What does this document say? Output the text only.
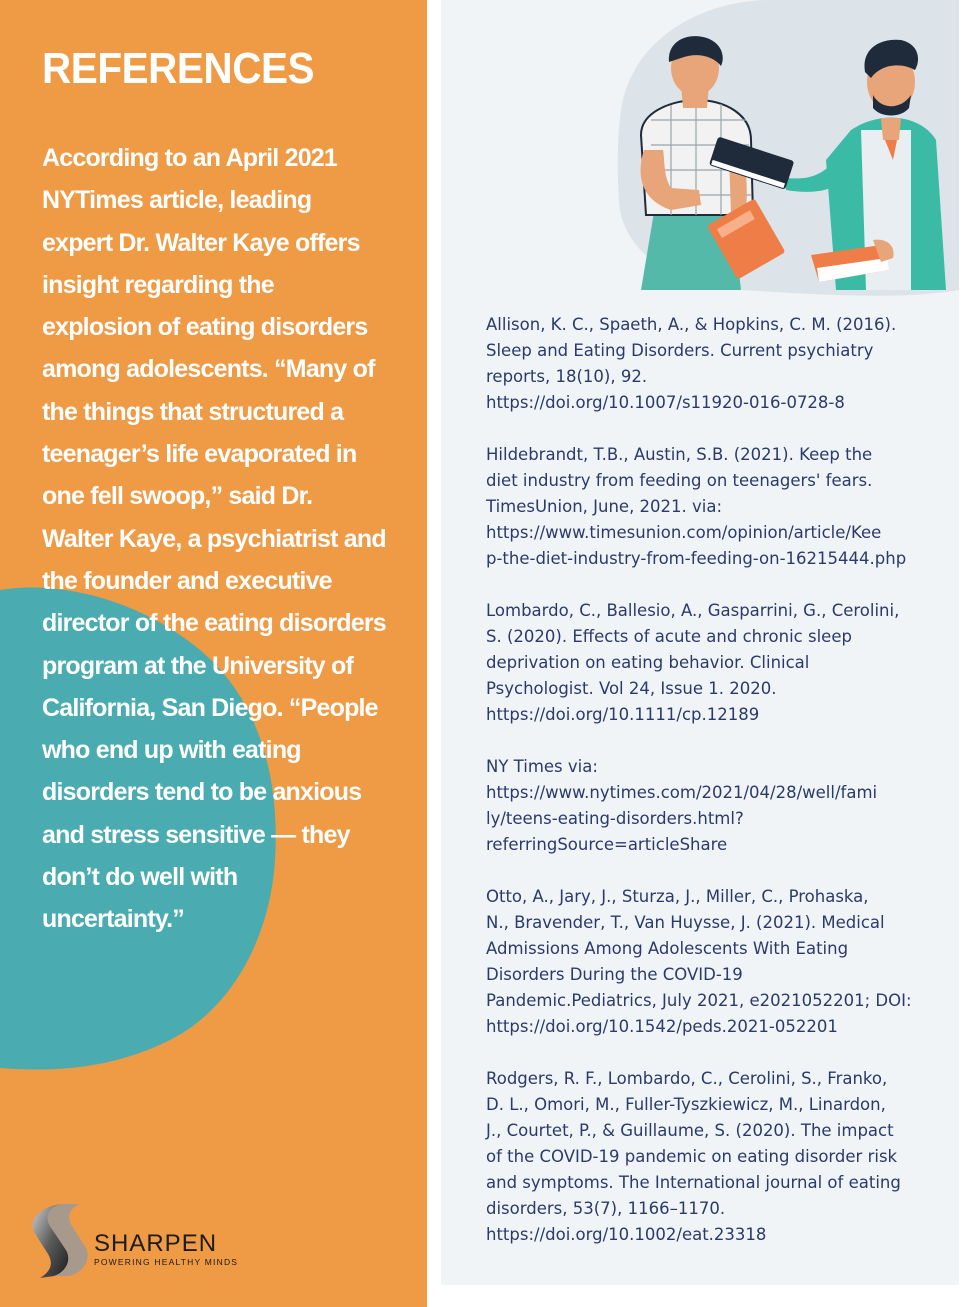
REFERENCES
According to an April 2021
NYTimes article, leading
expert Dr. Walter Kaye offers
insight regarding the
explosion of eating disorders
among adolescents. “Many of
the things that structured a
teenager’s life evaporated in
one fell swoop,” said Dr.
Walter Kaye, a psychiatrist and
the founder and executive
director of the eating disorders
program at the University of
California, San Diego. “People
who end up with eating
disorders tend to be anxious
and stress sensitive — they
don’t do well with
uncertainty.”
SHARPEN
POWERING HEALTHY MINDS
Allison, K. C., Spaeth, A., & Hopkins, C. M. (2016).
Sleep and Eating Disorders. Current psychiatry
reports, 18(10), 92.
https://doi.org/10.1007/s11920-016-0728-8
Hildebrandt, T.B., Austin, S.B. (2021). Keep the
diet industry from feeding on teenagers' fears.
TimesUnion, June, 2021. via:
https://www.timesunion.com/opinion/article/Kee
p-the-diet-industry-from-feeding-on-16215444.php
Lombardo, C., Ballesio, A., Gasparrini, G., Cerolini,
S. (2020). Effects of acute and chronic sleep
deprivation on eating behavior. Clinical
Psychologist. Vol 24, Issue 1. 2020.
https://doi.org/10.1111/cp.12189
NY Times via:
https://www.nytimes.com/2021/04/28/well/fami
ly/teens-eating-disorders.html?
referringSource=articleShare
Otto, A., Jary, J., Sturza, J., Miller, C., Prohaska,
N., Bravender, T., Van Huysse, J. (2021). Medical
Admissions Among Adolescents With Eating
Disorders During the COVID-19
Pandemic.Pediatrics, July 2021, e2021052201; DOI:
https://doi.org/10.1542/peds.2021-052201
Rodgers, R. F., Lombardo, C., Cerolini, S., Franko,
D. L., Omori, M., Fuller-Tyszkiewicz, M., Linardon,
J., Courtet, P., & Guillaume, S. (2020). The impact
of the COVID-19 pandemic on eating disorder risk
and symptoms. The International journal of eating
disorders, 53(7), 1166–1170.
https://doi.org/10.1002/eat.23318
